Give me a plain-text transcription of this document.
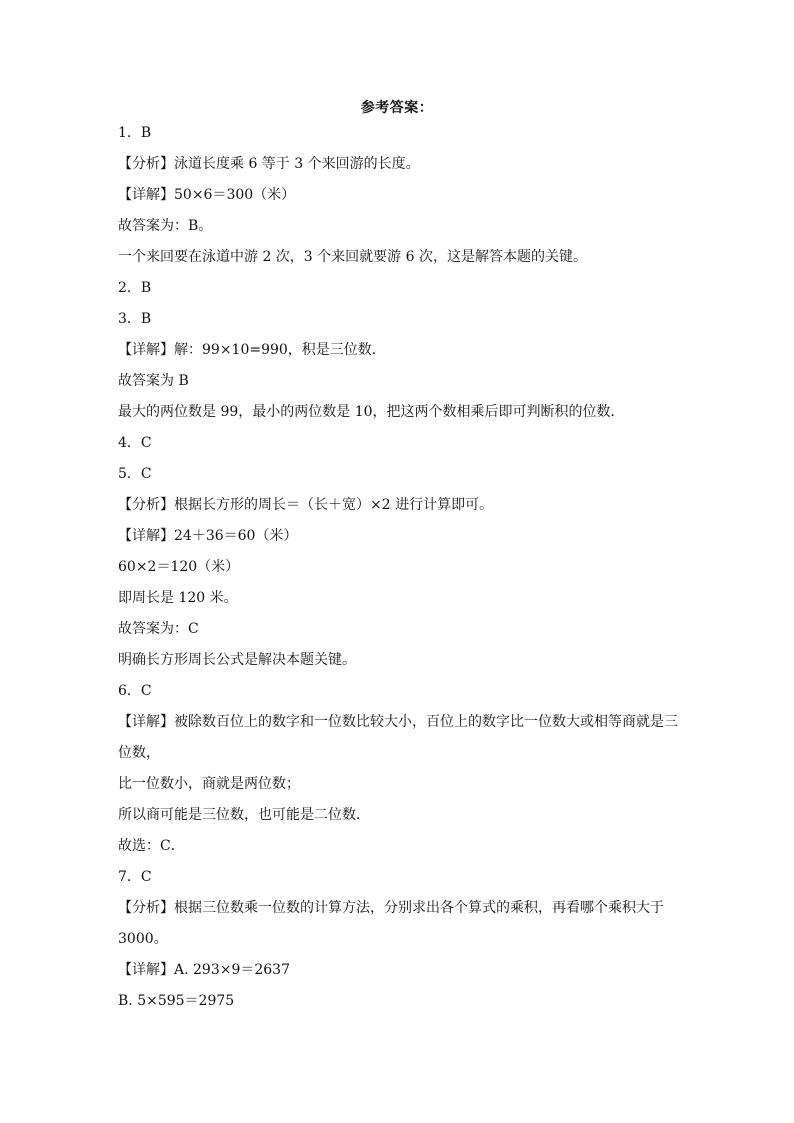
参考答案：
1．B
【分析】泳道长度乘 6 等于 3 个来回游的长度。
【详解】50×6＝300（米）
故答案为：B。
一个来回要在泳道中游 2 次，3 个来回就要游 6 次，这是解答本题的关键。
2．B
3．B
【详解】解：99×10=990，积是三位数.
故答案为 B
最大的两位数是 99，最小的两位数是 10，把这两个数相乘后即可判断积的位数．
4．C
5．C
【分析】根据长方形的周长＝（长＋宽）×2 进行计算即可。
【详解】24＋36＝60（米）
60×2＝120（米）
即周长是 120 米。
故答案为：C
明确长方形周长公式是解决本题关键。
6．C
【详解】被除数百位上的数字和一位数比较大小，百位上的数字比一位数大或相等商就是三
位数，
比一位数小，商就是两位数；
所以商可能是三位数，也可能是二位数．
故选：C．
7．C
【分析】根据三位数乘一位数的计算方法，分别求出各个算式的乘积，再看哪个乘积大于
3000。
【详解】A. 293×9＝2637
B. 5×595＝2975
